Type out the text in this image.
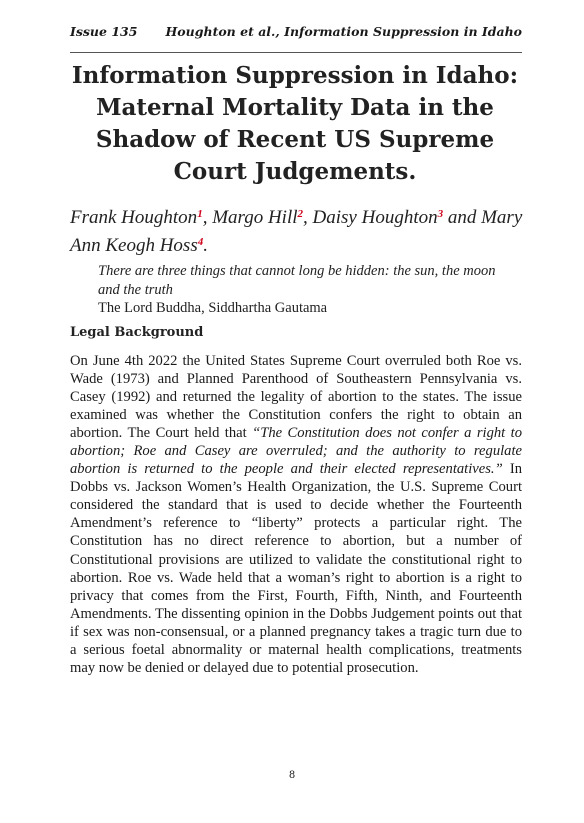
Issue 135 Houghton et al., Information Suppression in Idaho
Information Suppression in Idaho: Maternal Mortality Data in the Shadow of Recent US Supreme Court Judgements.
Frank Houghton$^1$, Margo Hill$^2$, Daisy Houghton$^3$ and Mary Ann Keogh Hoss$^4$.
There are three things that cannot long be hidden: the sun, the moon and the truth
The Lord Buddha, Siddhartha Gautama
Legal Background

On June 4th 2022 the United States Supreme Court overruled both Roe vs. Wade (1973) and Planned Parenthood of Southeastern Pennsylvania vs. Casey (1992) and returned the legality of abortion to the states. The issue examined was whether the Constitution confers the right to obtain an abortion. The Court held that “The Constitution does not confer a right to abortion; Roe and Casey are overruled; and the authority to regulate abortion is returned to the people and their elected representatives.” In Dobbs vs. Jackson Women’s Health Organization, the U.S. Supreme Court considered the standard that is used to decide whether the Fourteenth Amendment’s reference to “liberty” protects a particular right. The Constitution has no direct reference to abortion, but a number of Constitutional provisions are utilized to validate the constitutional right to abortion. Roe vs. Wade held that a woman’s right to abortion is a right to privacy that comes from the First, Fourth, Fifth, Ninth, and Fourteenth Amendments. The dissenting opinion in the Dobbs Judgement points out that if sex was non-consensual, or a planned pregnancy takes a tragic turn due to a serious foetal abnormality or maternal health complications, treatments may now be denied or delayed due to potential prosecution.

8
